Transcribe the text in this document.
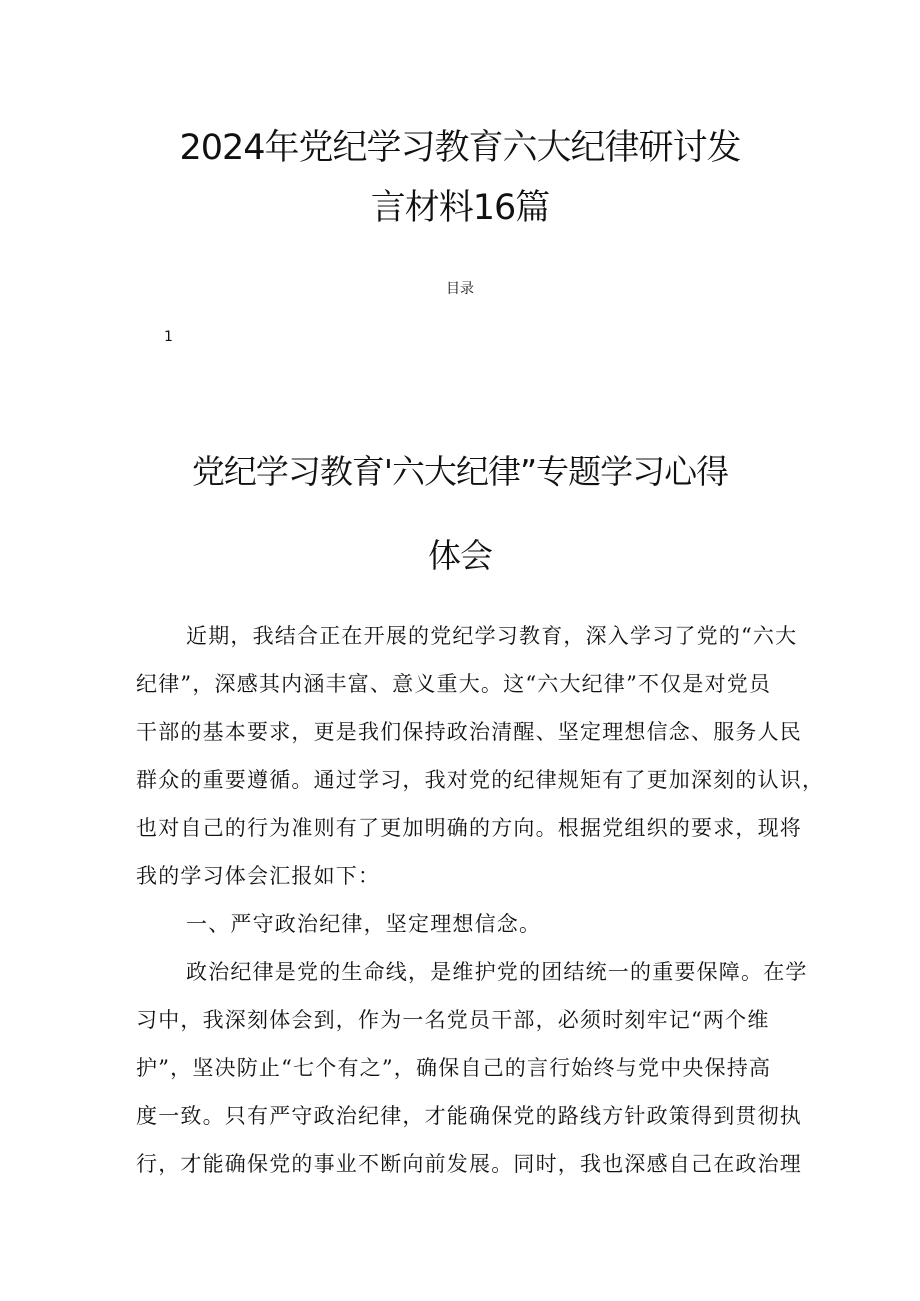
2024年党纪学习教育六大纪律研讨发
言材料16篇
目录
1
党纪学习教育'六大纪律”专题学习心得
体会
近期，我结合正在开展的党纪学习教育，深入学习了党的“六大
纪律”，深感其内涵丰富、意义重大。这“六大纪律”不仅是对党员
干部的基本要求，更是我们保持政治清醒、坚定理想信念、服务人民
群众的重要遵循。通过学习，我对党的纪律规矩有了更加深刻的认识，
也对自己的行为准则有了更加明确的方向。根据党组织的要求，现将
我的学习体会汇报如下：
一、严守政治纪律，坚定理想信念。
政治纪律是党的生命线，是维护党的团结统一的重要保障。在学
习中，我深刻体会到，作为一名党员干部，必须时刻牢记“两个维
护”，坚决防止“七个有之”，确保自己的言行始终与党中央保持高
度一致。只有严守政治纪律，才能确保党的路线方针政策得到贯彻执
行，才能确保党的事业不断向前发展。同时，我也深感自己在政治理
